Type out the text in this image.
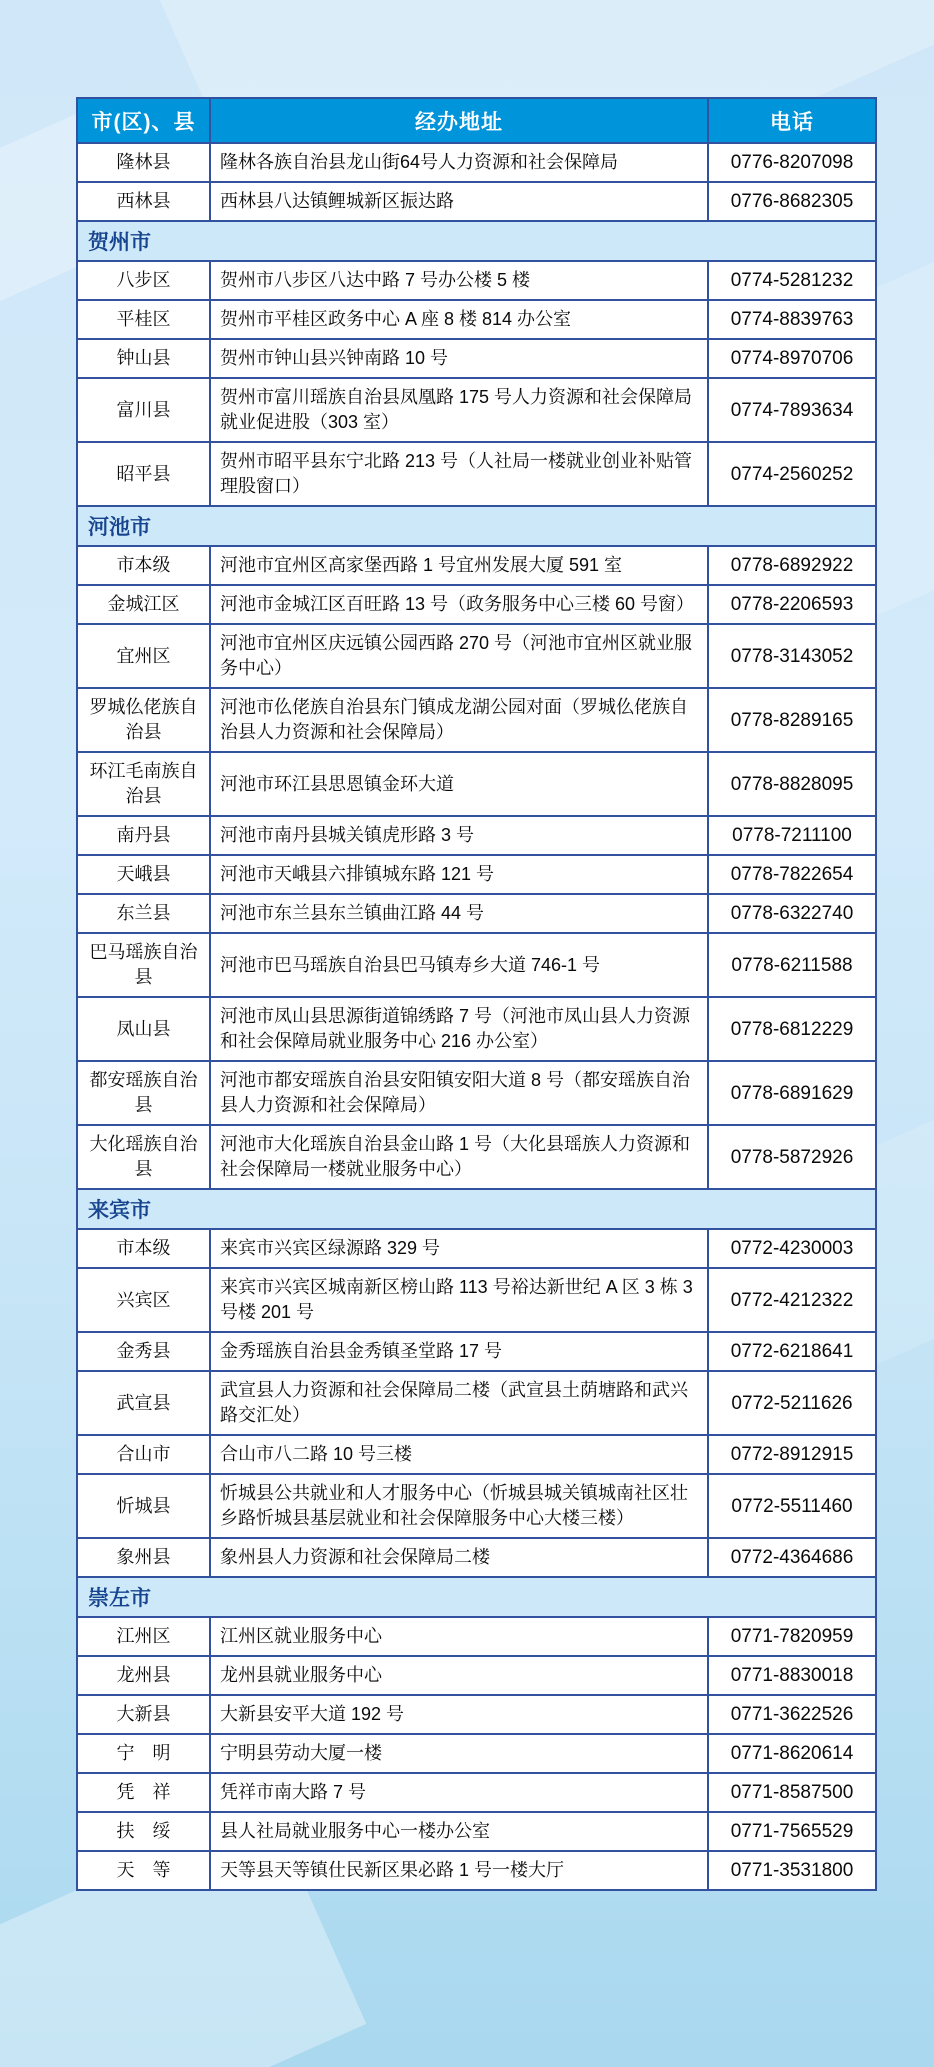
市(区)、县	经办地址	电话
隆林县	隆林各族自治县龙山街64号人力资源和社会保障局	0776-8207098
西林县	西林县八达镇鲤城新区振达路	0776-8682305
贺州市		
八步区	贺州市八步区八达中路 7 号办公楼 5 楼	0774-5281232
平桂区	贺州市平桂区政务中心 A 座 8 楼 814 办公室	0774-8839763
钟山县	贺州市钟山县兴钟南路 10 号	0774-8970706
富川县	贺州市富川瑶族自治县凤凰路 175 号人力资源和社会保障局就业促进股（303 室）	0774-7893634
昭平县	贺州市昭平县东宁北路 213 号（人社局一楼就业创业补贴管理股窗口）	0774-2560252
河池市		
市本级	河池市宜州区高家堡西路 1 号宜州发展大厦 591 室	0778-6892922
金城江区	河池市金城江区百旺路 13 号（政务服务中心三楼 60 号窗）	0778-2206593
宜州区	河池市宜州区庆远镇公园西路 270 号（河池市宜州区就业服务中心）	0778-3143052
罗城仫佬族自治县	河池市仫佬族自治县东门镇成龙湖公园对面（罗城仫佬族自治县人力资源和社会保障局）	0778-8289165
环江毛南族自治县	河池市环江县思恩镇金环大道	0778-8828095
南丹县	河池市南丹县城关镇虎形路 3 号	0778-7211100
天峨县	河池市天峨县六排镇城东路 121 号	0778-7822654
东兰县	河池市东兰县东兰镇曲江路 44 号	0778-6322740
巴马瑶族自治县	河池市巴马瑶族自治县巴马镇寿乡大道 746-1 号	0778-6211588
凤山县	河池市凤山县思源街道锦绣路 7 号（河池市凤山县人力资源和社会保障局就业服务中心 216 办公室）	0778-6812229
都安瑶族自治县	河池市都安瑶族自治县安阳镇安阳大道 8 号（都安瑶族自治县人力资源和社会保障局）	0778-6891629
大化瑶族自治县	河池市大化瑶族自治县金山路 1 号（大化县瑶族人力资源和社会保障局一楼就业服务中心）	0778-5872926
来宾市		
市本级	来宾市兴宾区绿源路 329 号	0772-4230003
兴宾区	来宾市兴宾区城南新区榜山路 113 号裕达新世纪 A 区 3 栋 3 号楼 201 号	0772-4212322
金秀县	金秀瑶族自治县金秀镇圣堂路 17 号	0772-6218641
武宣县	武宣县人力资源和社会保障局二楼（武宣县土荫塘路和武兴路交汇处）	0772-5211626
合山市	合山市八二路 10 号三楼	0772-8912915
忻城县	忻城县公共就业和人才服务中心（忻城县城关镇城南社区壮乡路忻城县基层就业和社会保障服务中心大楼三楼）	0772-5511460
象州县	象州县人力资源和社会保障局二楼	0772-4364686
崇左市		
江州区	江州区就业服务中心	0771-7820959
龙州县	龙州县就业服务中心	0771-8830018
大新县	大新县安平大道 192 号	0771-3622526
宁　明	宁明县劳动大厦一楼	0771-8620614
凭　祥	凭祥市南大路 7 号	0771-8587500
扶　绥	县人社局就业服务中心一楼办公室	0771-7565529
天　等	天等县天等镇仕民新区果必路 1 号一楼大厅	0771-3531800
